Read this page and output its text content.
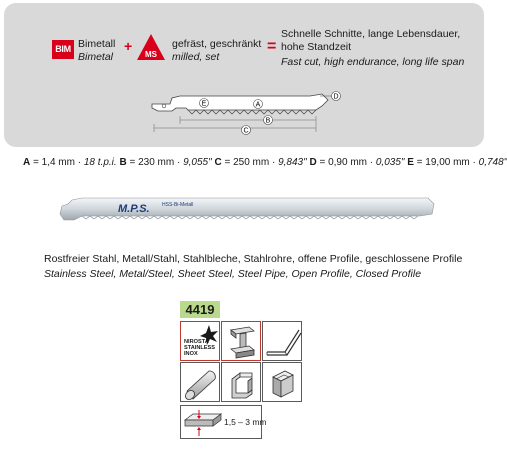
BIM Bimetall
Bimetal
+
MS
gefräst, geschränkt
milled, set
=
Schnelle Schnitte, lange Lebensdauer,
hohe Standzeit
Fast cut, high endurance, long life span
E	A
D
B
C
A = 1,4 mm · 18 t.p.i. B = 230 mm · 9,055" C = 250 mm · 9,843" D = 0,90 mm · 0,035" E = 19,00 mm · 0,748"
M.P.S. HSS-Bi-Metall
Rostfreier Stahl, Metall/Stahl, Stahlbleche, Stahlrohre, offene Profile, geschlossene Profile
Stainless Steel, Metal/Steel, Sheet Steel, Steel Pipe, Open Profile, Closed Profile
4419
NIROSTA
STAINLESS
INOX
1,5 – 3 mm
